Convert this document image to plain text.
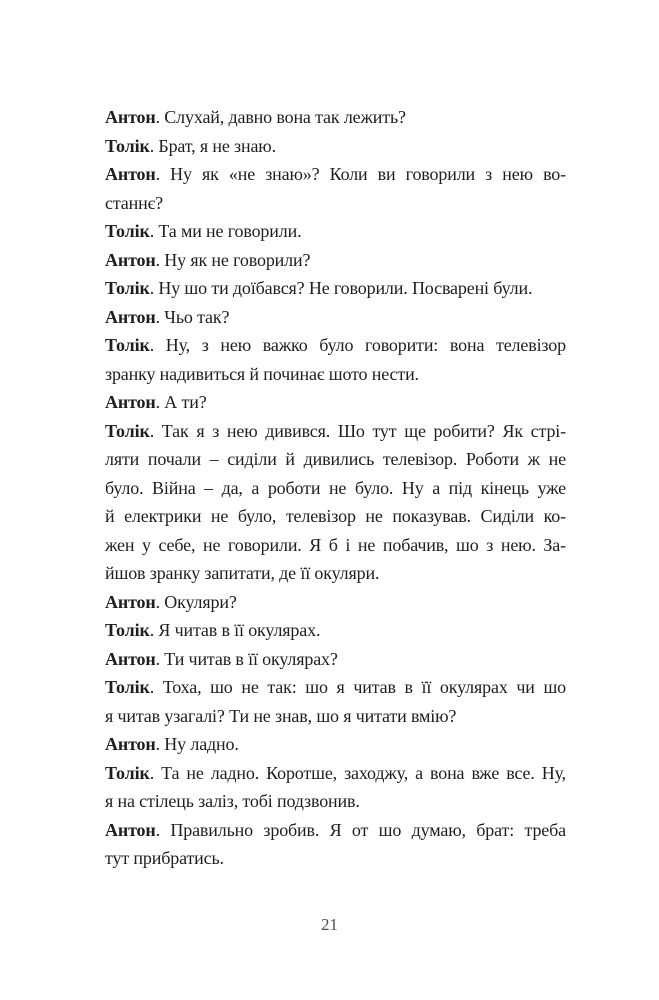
Антон. Слухай, давно вона так лежить?
Толік. Брат, я не знаю.
Антон. Ну як «не знаю»? Коли ви говорили з нею во-
станнє?
Толік. Та ми не говорили.
Антон. Ну як не говорили?
Толік. Ну шо ти доїбався? Не говорили. Посварені були.
Антон. Чьо так?
Толік. Ну, з нею важко було говорити: вона телевізор
зранку надивиться й починає шото нести.
Антон. А ти?
Толік. Так я з нею дивився. Шо тут ще робити? Як стрі-
ляти почали – сиділи й дивились телевізор. Роботи ж не
було. Війна – да, а роботи не було. Ну а під кінець уже
й електрики не було, телевізор не показував. Сиділи ко-
жен у себе, не говорили. Я б і не побачив, шо з нею. За-
йшов зранку запитати, де її окуляри.
Антон. Окуляри?
Толік. Я читав в її окулярах.
Антон. Ти читав в її окулярах?
Толік. Тоха, шо не так: шо я читав в її окулярах чи шо
я читав узагалі? Ти не знав, шо я читати вмію?
Антон. Ну ладно.
Толік. Та не ладно. Коротше, заходжу, а вона вже все. Ну,
я на стілець заліз, тобі подзвонив.
Антон. Правильно зробив. Я от шо думаю, брат: треба
тут прибратись.
21
